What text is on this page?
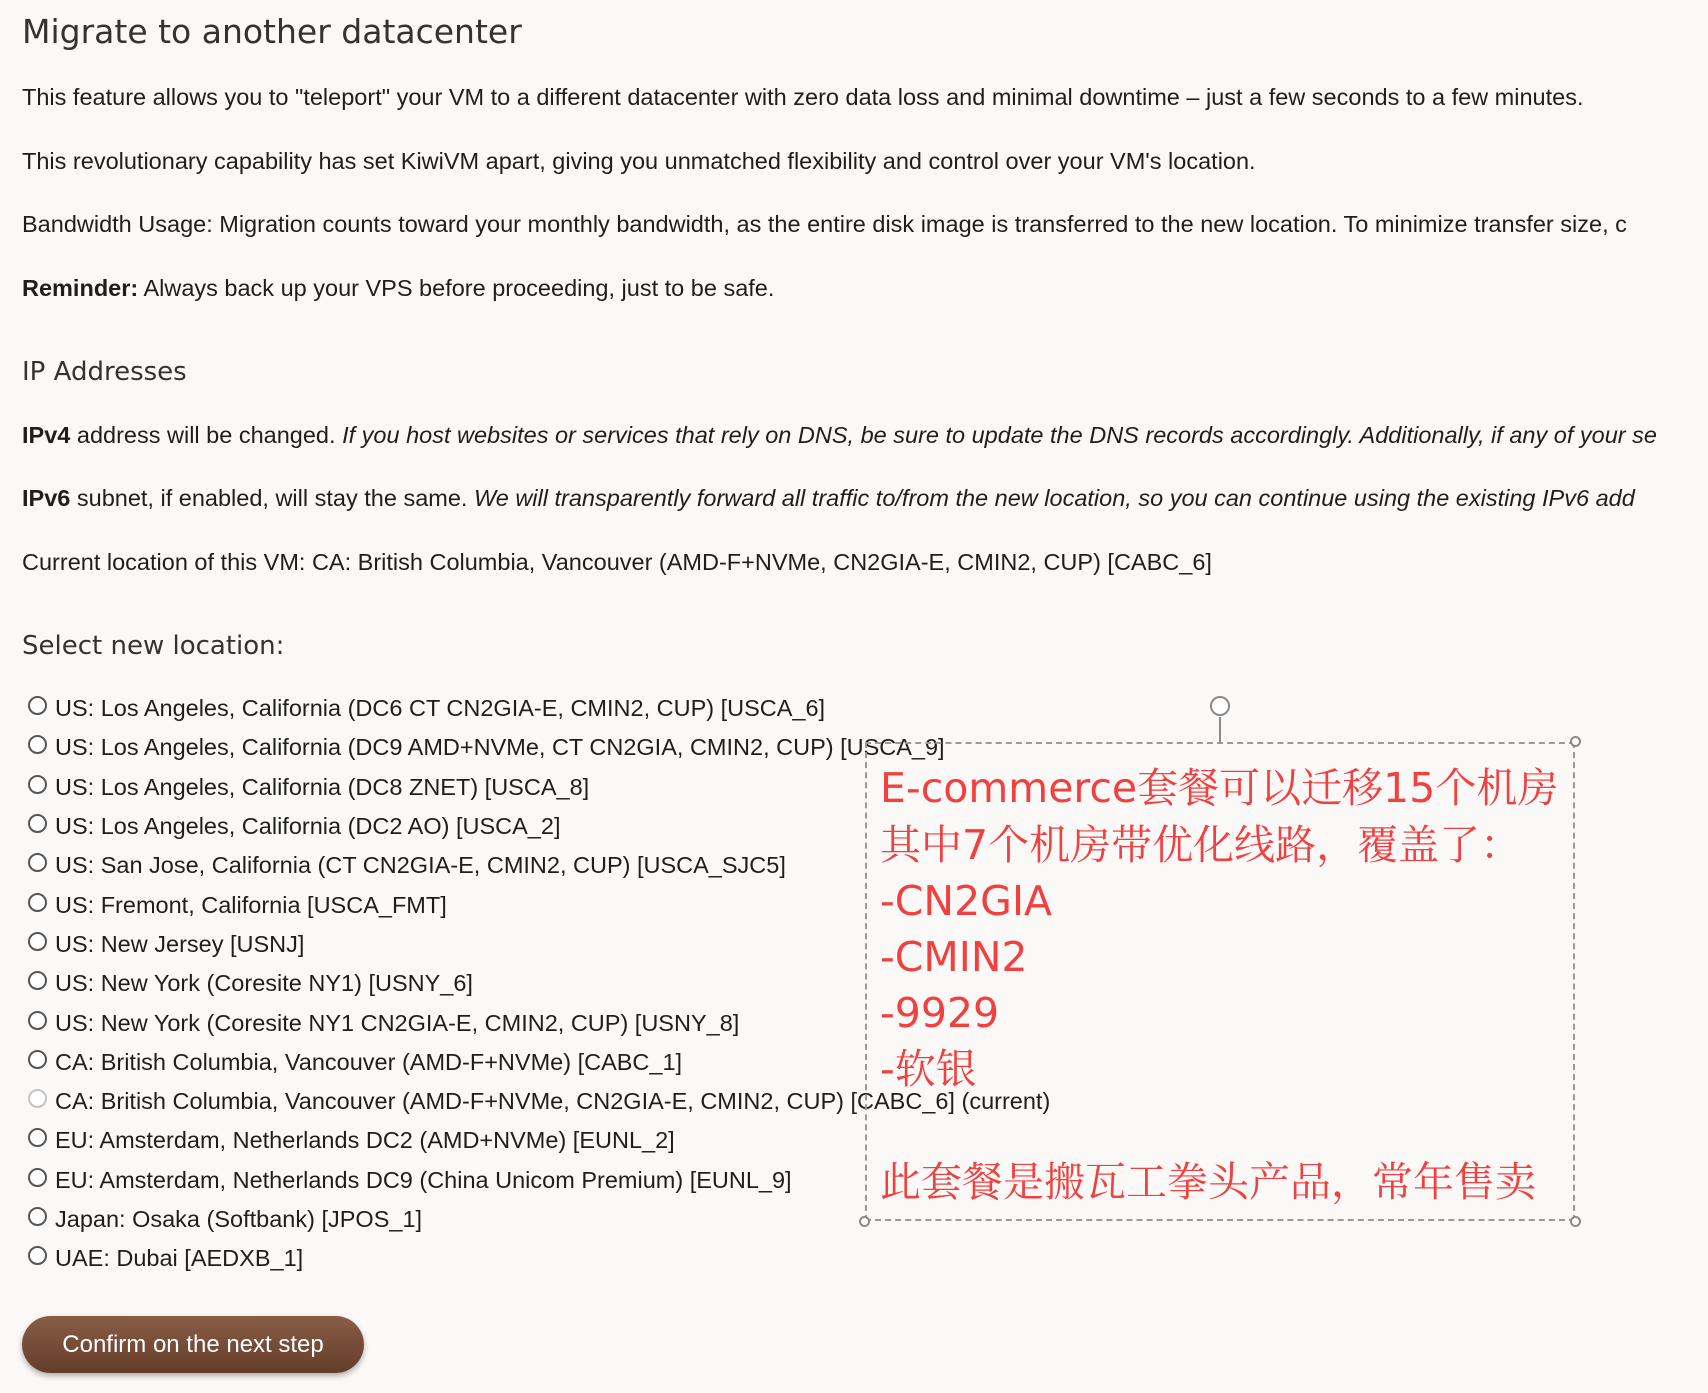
Migrate to another datacenter
This feature allows you to "teleport" your VM to a different datacenter with zero data loss and minimal downtime – just a few seconds to a few minutes.
This revolutionary capability has set KiwiVM apart, giving you unmatched flexibility and control over your VM's location.
Bandwidth Usage: Migration counts toward your monthly bandwidth, as the entire disk image is transferred to the new location. To minimize transfer size, c
Reminder: Always back up your VPS before proceeding, just to be safe.
IP Addresses
IPv4 address will be changed. If you host websites or services that rely on DNS, be sure to update the DNS records accordingly. Additionally, if any of your se
IPv6 subnet, if enabled, will stay the same. We will transparently forward all traffic to/from the new location, so you can continue using the existing IPv6 add
Current location of this VM: CA: British Columbia, Vancouver (AMD-F+NVMe, CN2GIA-E, CMIN2, CUP) [CABC_6]
Select new location:
US: Los Angeles, California (DC6 CT CN2GIA-E, CMIN2, CUP) [USCA_6]
US: Los Angeles, California (DC9 AMD+NVMe, CT CN2GIA, CMIN2, CUP) [USCA_9]
US: Los Angeles, California (DC8 ZNET) [USCA_8]
US: Los Angeles, California (DC2 AO) [USCA_2]
US: San Jose, California (CT CN2GIA-E, CMIN2, CUP) [USCA_SJC5]
US: Fremont, California [USCA_FMT]
US: New Jersey [USNJ]
US: New York (Coresite NY1) [USNY_6]
US: New York (Coresite NY1 CN2GIA-E, CMIN2, CUP) [USNY_8]
CA: British Columbia, Vancouver (AMD-F+NVMe) [CABC_1]
CA: British Columbia, Vancouver (AMD-F+NVMe, CN2GIA-E, CMIN2, CUP) [CABC_6] (current)
EU: Amsterdam, Netherlands DC2 (AMD+NVMe) [EUNL_2]
EU: Amsterdam, Netherlands DC9 (China Unicom Premium) [EUNL_9]
Japan: Osaka (Softbank) [JPOS_1]
UAE: Dubai [AEDXB_1]
Confirm on the next step
E-commerce套餐可以迁移15个机房
其中7个机房带优化线路，覆盖了：
-CN2GIA
-CMIN2
-9929
-软银
此套餐是搬瓦工拳头产品，常年售卖
